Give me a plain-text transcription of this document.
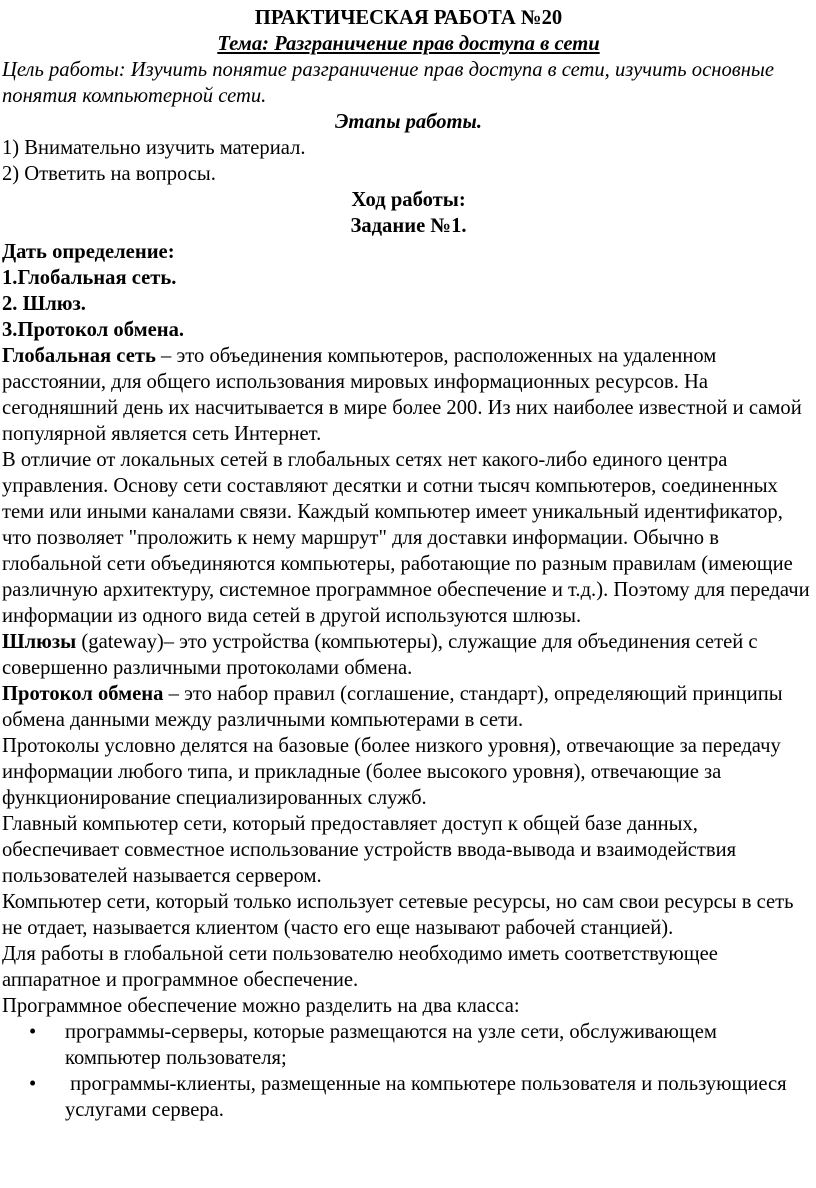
ПРАКТИЧЕСКАЯ РАБОТА №20

Тема: Разграничение прав доступа в сети

Цель работы: Изучить понятие разграничение прав доступа в сети, изучить основные понятия компьютерной сети.

Этапы работы.

1) Внимательно изучить материал.

2) Ответить на вопросы.

Ход работы:

Задание №1.

Дать определение:

1.Глобальная сеть.

2. Шлюз.

3.Протокол обмена.

Глобальная сеть – это объединения компьютеров, расположенных на удаленном расстоянии, для общего использования мировых информационных ресурсов. На сегодняшний день их насчитывается в мире более 200. Из них наиболее известной и самой популярной является сеть Интернет.

В отличие от локальных сетей в глобальных сетях нет какого-либо единого центра управления. Основу сети составляют десятки и сотни тысяч компьютеров, соединенных теми или иными каналами связи. Каждый компьютер имеет уникальный идентификатор, что позволяет "проложить к нему маршрут" для доставки информации. Обычно в глобальной сети объединяются компьютеры, работающие по разным правилам (имеющие различную архитектуру, системное программное обеспечение и т.д.). Поэтому для передачи информации из одного вида сетей в другой используются шлюзы.

Шлюзы (gateway)– это устройства (компьютеры), служащие для объединения сетей с совершенно различными протоколами обмена.

Протокол обмена – это набор правил (соглашение, стандарт), определяющий принципы обмена данными между различными компьютерами в сети.

Протоколы условно делятся на базовые (более низкого уровня), отвечающие за передачу информации любого типа, и прикладные (более высокого уровня), отвечающие за функционирование специализированных служб.

Главный компьютер сети, который предоставляет доступ к общей базе данных, обеспечивает совместное использование устройств ввода-вывода и взаимодействия пользователей называется сервером.

Компьютер сети, который только использует сетевые ресурсы, но сам свои ресурсы в сеть не отдает, называется клиентом (часто его еще называют рабочей станцией).

Для работы в глобальной сети пользователю необходимо иметь соответствующее аппаратное и программное обеспечение.

Программное обеспечение можно разделить на два класса:

•	программы-серверы, которые размещаются на узле сети, обслуживающем компьютер пользователя;
•	программы-клиенты, размещенные на компьютере пользователя и пользующиеся услугами сервера.
